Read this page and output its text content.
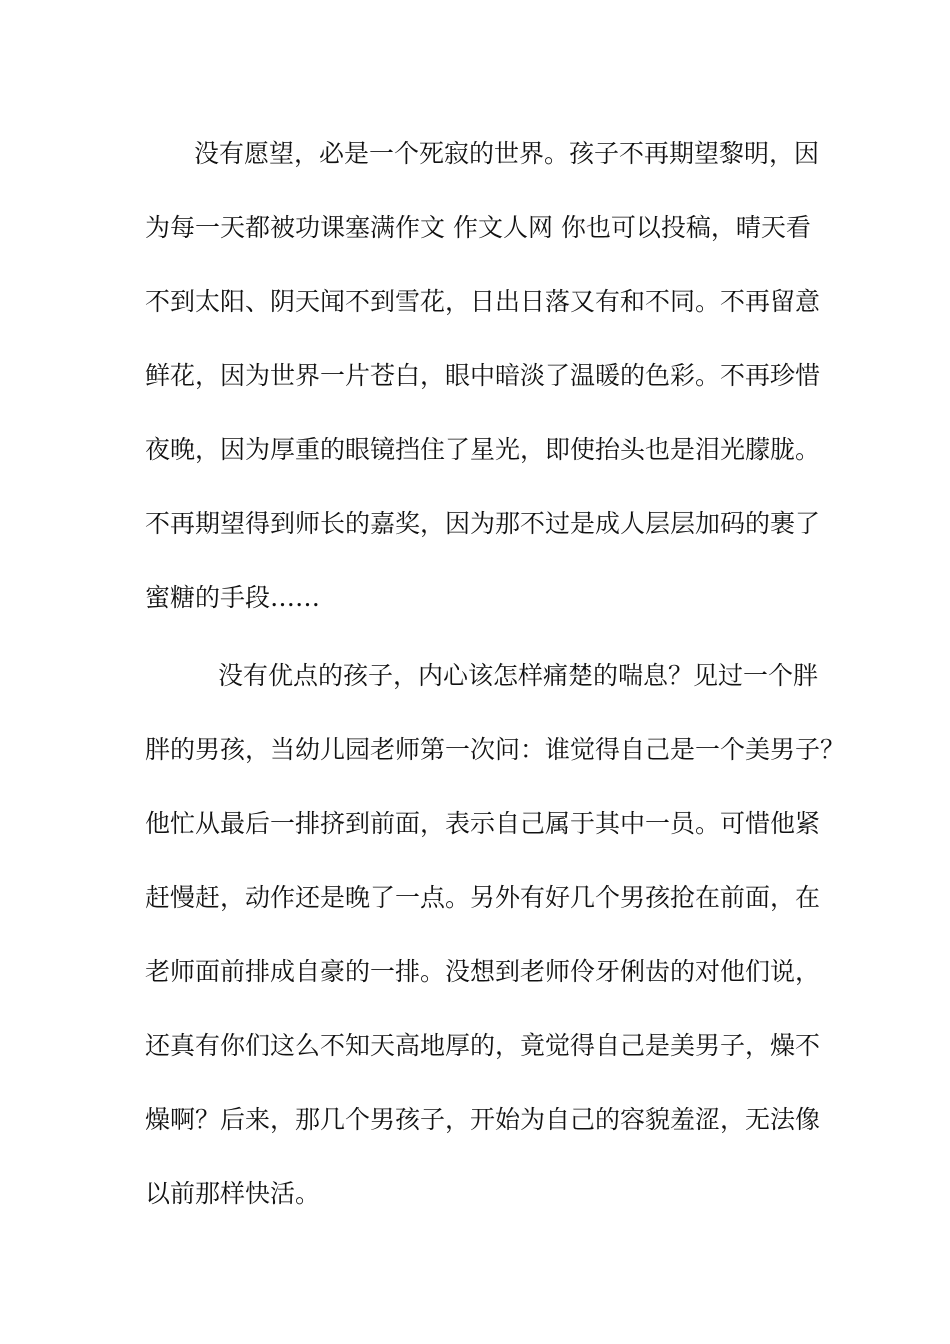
没有愿望，必是一个死寂的世界。孩子不再期望黎明，因
为每一天都被功课塞满作文 作文人网 你也可以投稿，晴天看
不到太阳、阴天闻不到雪花，日出日落又有和不同。不再留意
鲜花，因为世界一片苍白，眼中暗淡了温暖的色彩。不再珍惜
夜晚，因为厚重的眼镜挡住了星光，即使抬头也是泪光朦胧。
不再期望得到师长的嘉奖，因为那不过是成人层层加码的裹了
蜜糖的手段……
没有优点的孩子，内心该怎样痛楚的喘息？见过一个胖
胖的男孩，当幼儿园老师第一次问：谁觉得自己是一个美男子？
他忙从最后一排挤到前面，表示自己属于其中一员。可惜他紧
赶慢赶，动作还是晚了一点。另外有好几个男孩抢在前面，在
老师面前排成自豪的一排。没想到老师伶牙俐齿的对他们说，
还真有你们这么不知天高地厚的，竟觉得自己是美男子，燥不
燥啊？后来，那几个男孩子，开始为自己的容貌羞涩，无法像
以前那样快活。
